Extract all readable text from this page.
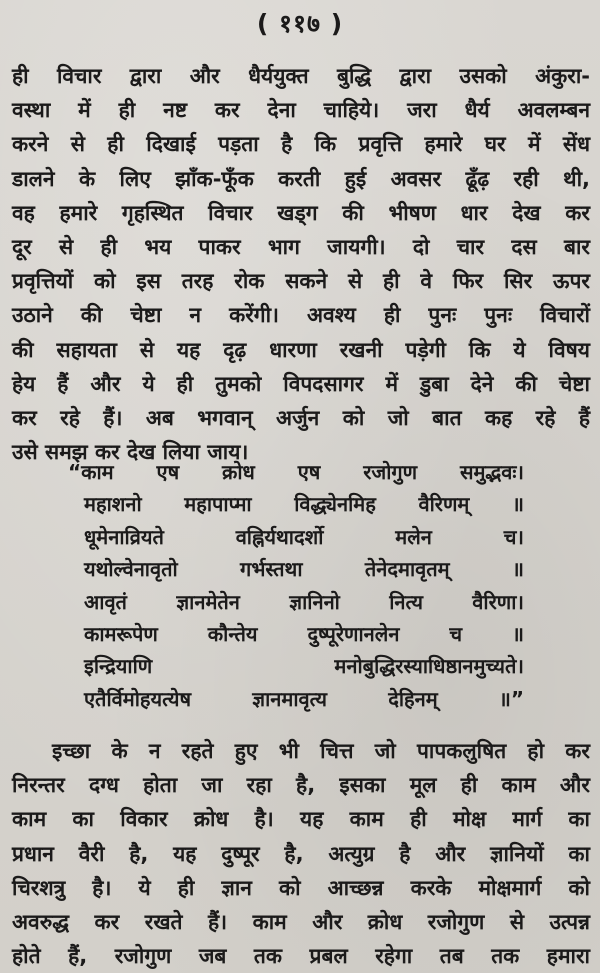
( ११७ )
ही विचार द्वारा और धैर्ययुक्त बुद्धि द्वारा उसको अंकुरा-
वस्था में ही नष्ट कर देना चाहिये। जरा धैर्य अवलम्बन
करने से ही दिखाई पड़ता है कि प्रवृत्ति हमारे घर में सेंध
डालने के लिए झाँक-फूँक करती हुई अवसर ढूँढ़ रही थी,
वह हमारे गृहस्थित विचार खड्ग की भीषण धार देख कर
दूर से ही भय पाकर भाग जायगी। दो चार दस बार
प्रवृत्तियों को इस तरह रोक सकने से ही वे फिर सिर ऊपर
उठाने की चेष्टा न करेंगी। अवश्य ही पुनः पुनः विचारों
की सहायता से यह दृढ़ धारणा रखनी पड़ेगी कि ये विषय
हेय हैं और ये ही तुमको विपदसागर में डुबा देने की चेष्टा
कर रहे हैं। अब भगवान् अर्जुन को जो बात कह रहे हैं
उसे समझ कर देख लिया जाय।
“काम एष क्रोध एष रजोगुण समुद्भवः।
महाशनो महापाप्मा विद्ध्येनमिह वैरिणम् ॥
धूमेनाव्रियते वह्निर्यथादर्शो मलेन च।
यथोल्वेनावृतो गर्भस्तथा तेनेदमावृतम् ॥
आवृतं ज्ञानमेतेन ज्ञानिनो नित्य वैरिणा।
कामरूपेण कौन्तेय दुष्पूरेणानलेन च ॥
इन्द्रियाणि मनोबुद्धिरस्याधिष्ठानमुच्यते।
एतैर्विमोहयत्येष ज्ञानमावृत्य देहिनम् ॥”
इच्छा के न रहते हुए भी चित्त जो पापकलुषित हो कर
निरन्तर दग्ध होता जा रहा है, इसका मूल ही काम और
काम का विकार क्रोध है। यह काम ही मोक्ष मार्ग का
प्रधान वैरी है, यह दुष्पूर है, अत्युग्र है और ज्ञानियों का
चिरशत्रु है। ये ही ज्ञान को आच्छन्न करके मोक्षमार्ग को
अवरुद्ध कर रखते हैं। काम और क्रोध रजोगुण से उत्पन्न
होते हैं, रजोगुण जब तक प्रबल रहेगा तब तक हमारा
